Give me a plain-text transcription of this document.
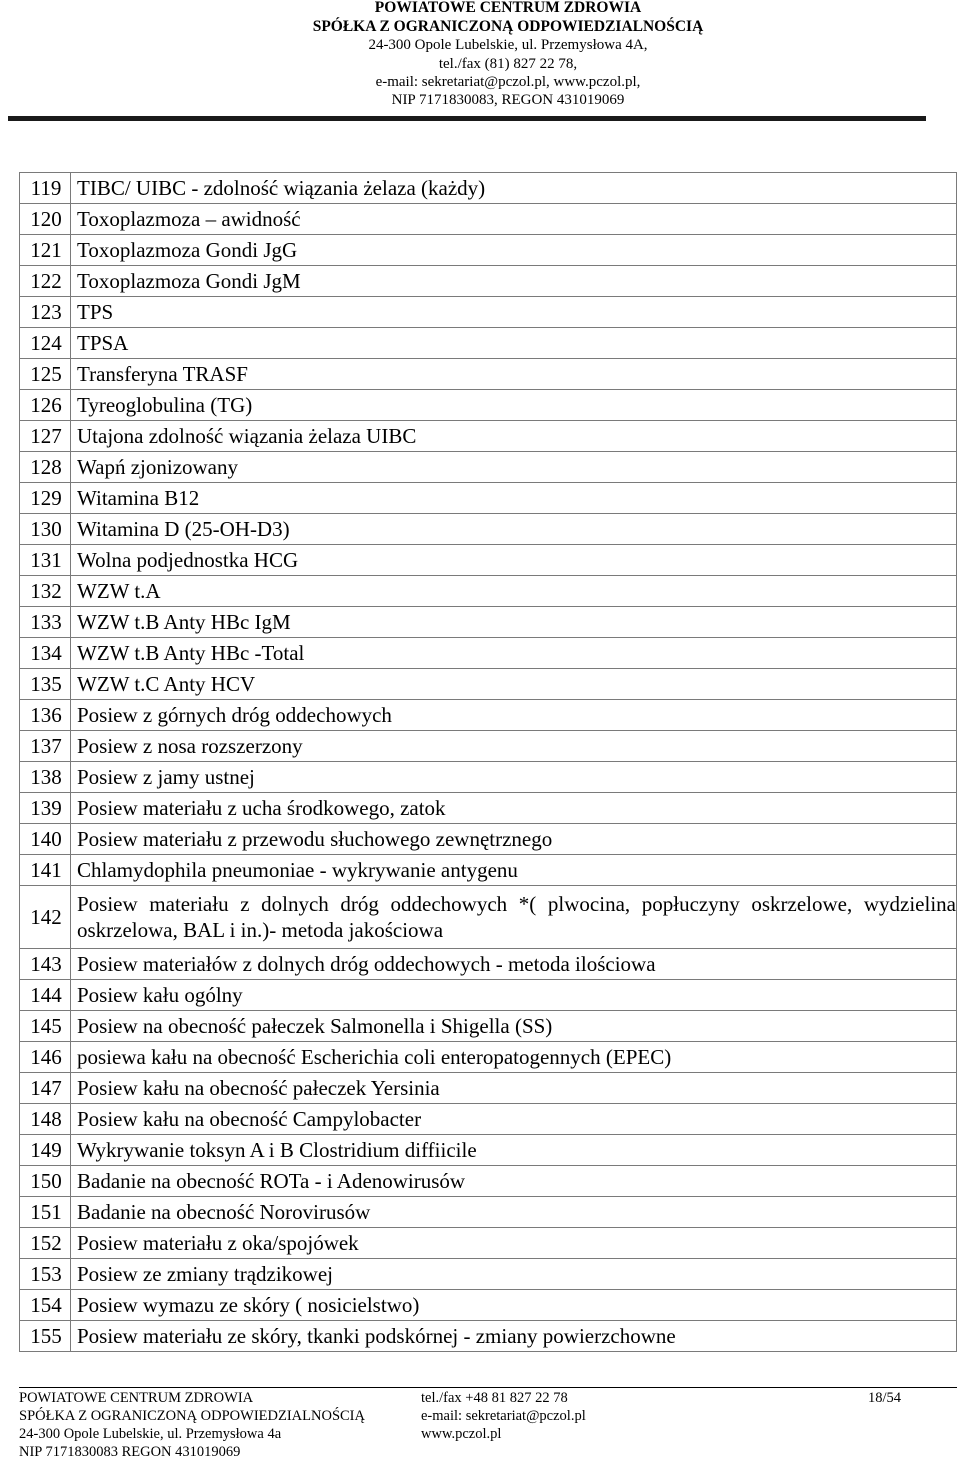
POWIATOWE CENTRUM ZDROWIA
SPÓŁKA Z OGRANICZONĄ ODPOWIEDZIALNOŚCIĄ
24-300 Opole Lubelskie, ul. Przemysłowa 4A,
tel./fax (81) 827 22 78,
e-mail: sekretariat@pczol.pl, www.pczol.pl,
NIP 7171830083, REGON 431019069
119	TIBC/ UIBC - zdolność wiązania żelaza (każdy)
120	Toxoplazmoza – awidność
121	Toxoplazmoza Gondi JgG
122	Toxoplazmoza Gondi JgM
123	TPS
124	TPSA
125	Transferyna TRASF
126	Tyreoglobulina (TG)
127	Utajona zdolność wiązania żelaza UIBC
128	Wapń zjonizowany
129	Witamina B12
130	Witamina D (25-OH-D3)
131	Wolna podjednostka HCG
132	WZW t.A
133	WZW t.B Anty HBc IgM
134	WZW t.B Anty HBc -Total
135	WZW t.C Anty HCV
136	Posiew z górnych dróg oddechowych
137	Posiew z nosa rozszerzony
138	Posiew z jamy ustnej
139	Posiew materiału z ucha środkowego, zatok
140	Posiew materiału z przewodu słuchowego zewnętrznego
141	Chlamydophila pneumoniae - wykrywanie antygenu
142	Posiew materiału z dolnych dróg oddechowych *( plwocina, popłuczyny oskrzelowe, wydzielina oskrzelowa, BAL i in.)- metoda jakościowa
143	Posiew materiałów z dolnych dróg oddechowych - metoda ilościowa
144	Posiew kału ogólny
145	Posiew na obecność pałeczek Salmonella i Shigella (SS)
146	posiewa kału na obecność Escherichia coli enteropatogennych (EPEC)
147	Posiew kału na obecność pałeczek Yersinia
148	Posiew kału na obecność Campylobacter
149	Wykrywanie toksyn A i B Clostridium diffiicile
150	Badanie na obecność ROTa - i Adenowirusów
151	Badanie na obecność Norovirusów
152	Posiew materiału z oka/spojówek
153	Posiew ze zmiany trądzikowej
154	Posiew wymazu ze skóry ( nosicielstwo)
155	Posiew materiału ze skóry, tkanki podskórnej - zmiany powierzchowne
POWIATOWE CENTRUM ZDROWIA
SPÓŁKA Z OGRANICZONĄ ODPOWIEDZIALNOŚCIĄ
24-300 Opole Lubelskie, ul. Przemysłowa 4a
NIP 7171830083 REGON 431019069
tel./fax +48 81 827 22 78
e-mail: sekretariat@pczol.pl
www.pczol.pl
18/54
